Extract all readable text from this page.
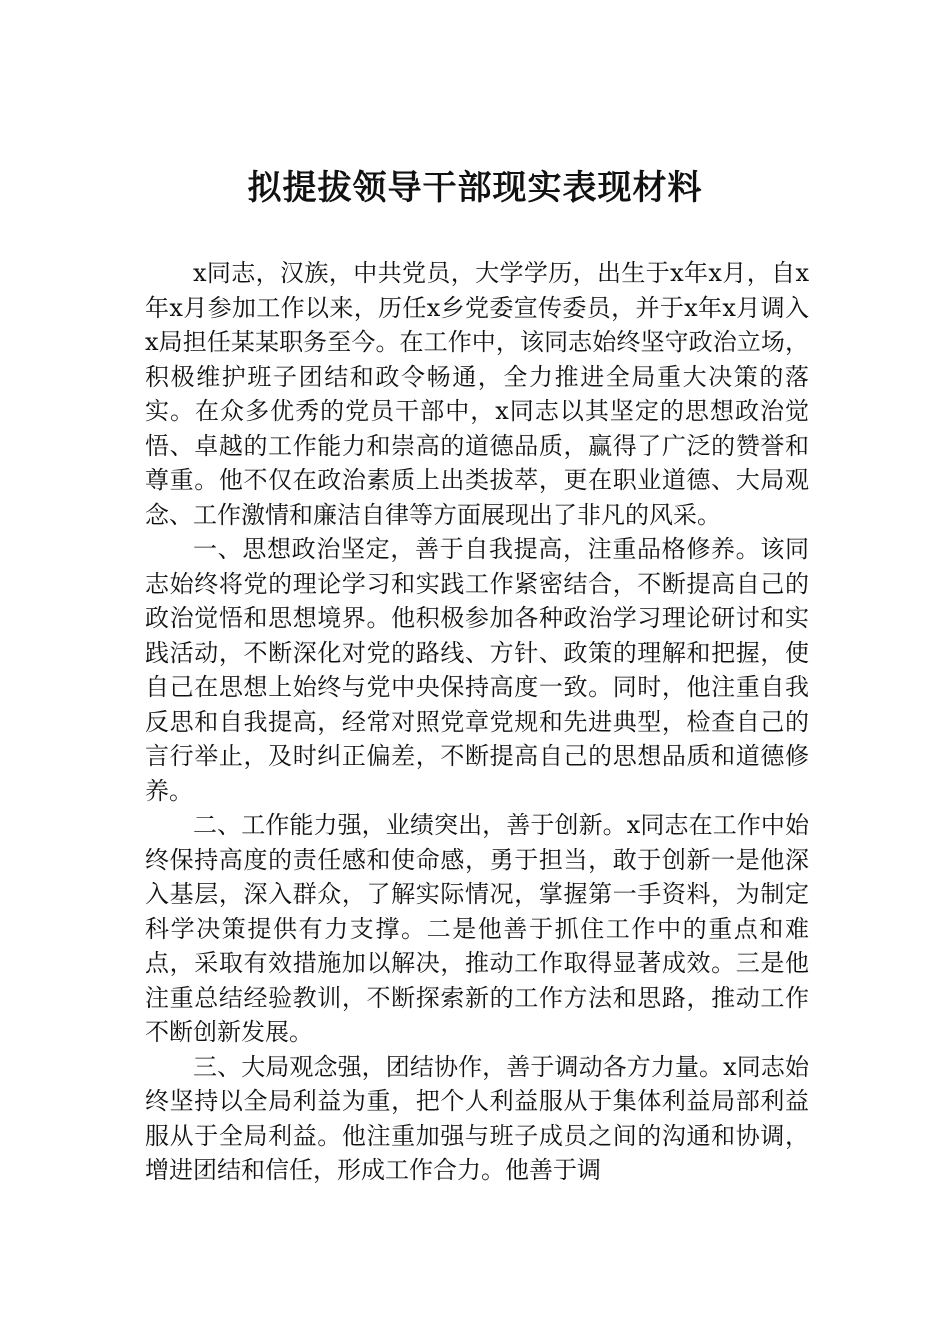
拟提拔领导干部现实表现材料

x同志，汉族，中共党员，大学学历，出生于x年x月，自x年x月参加工作以来，历任x乡党委宣传委员，并于x年x月调入x局担任某某职务至今。在工作中，该同志始终坚守政治立场，积极维护班子团结和政令畅通，全力推进全局重大决策的落实。在众多优秀的党员干部中，x同志以其坚定的思想政治觉悟、卓越的工作能力和崇高的道德品质，赢得了广泛的赞誉和尊重。他不仅在政治素质上出类拔萃，更在职业道德、大局观念、工作激情和廉洁自律等方面展现出了非凡的风采。

一、思想政治坚定，善于自我提高，注重品格修养。该同志始终将党的理论学习和实践工作紧密结合，不断提高自己的政治觉悟和思想境界。他积极参加各种政治学习理论研讨和实践活动，不断深化对党的路线、方针、政策的理解和把握，使自己在思想上始终与党中央保持高度一致。同时，他注重自我反思和自我提高，经常对照党章党规和先进典型，检查自己的言行举止，及时纠正偏差，不断提高自己的思想品质和道德修养。

二、工作能力强，业绩突出，善于创新。x同志在工作中始终保持高度的责任感和使命感，勇于担当，敢于创新一是他深入基层，深入群众，了解实际情况，掌握第一手资料，为制定科学决策提供有力支撑。二是他善于抓住工作中的重点和难点，采取有效措施加以解决，推动工作取得显著成效。三是他注重总结经验教训，不断探索新的工作方法和思路，推动工作不断创新发展。

三、大局观念强，团结协作，善于调动各方力量。x同志始终坚持以全局利益为重，把个人利益服从于集体利益局部利益服从于全局利益。他注重加强与班子成员之间的沟通和协调，增进团结和信任，形成工作合力。他善于调
